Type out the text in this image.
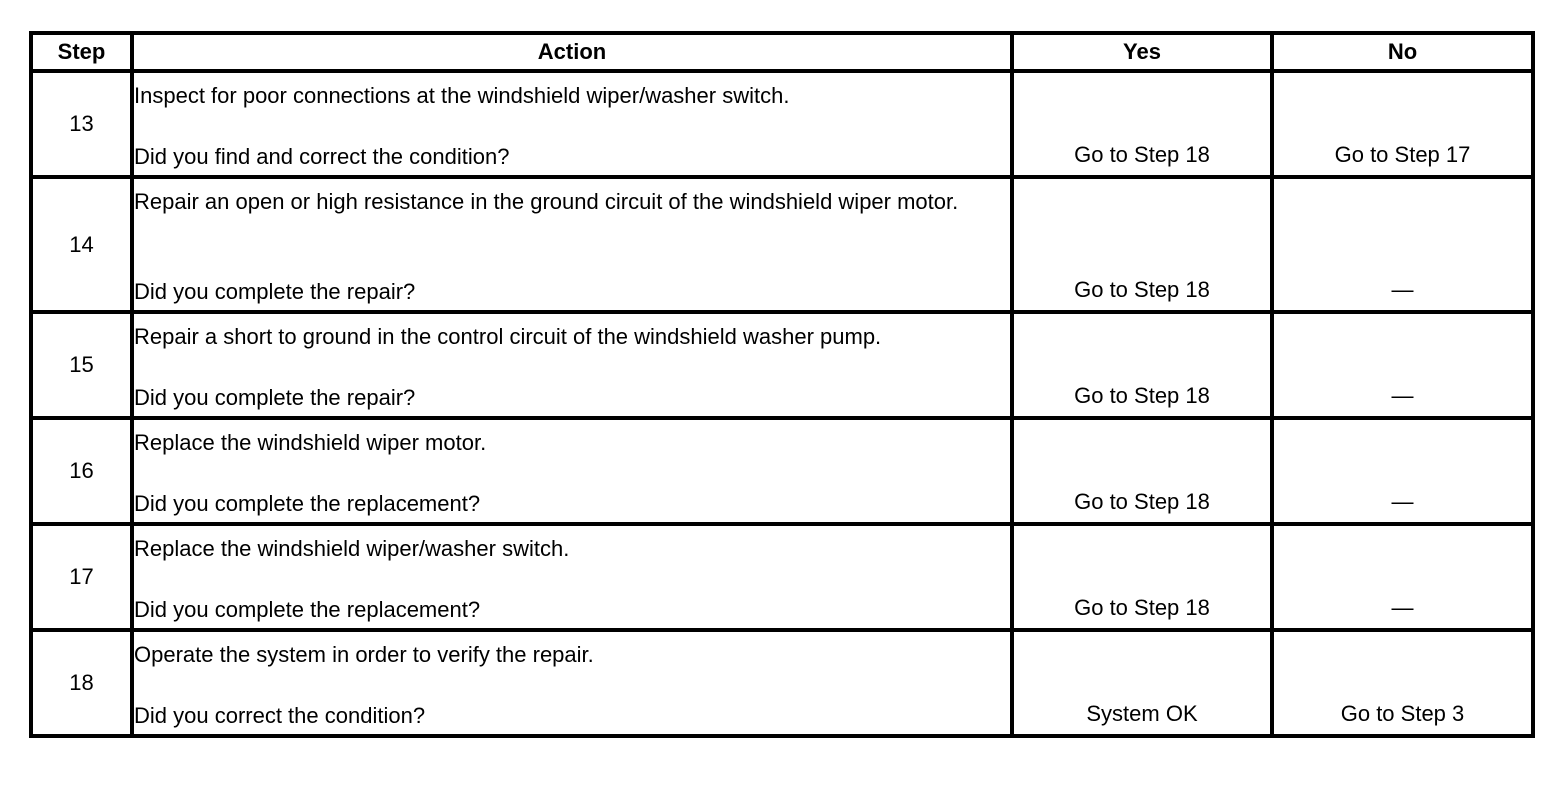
Step	Action	Yes	No
13	Inspect for poor connections at the windshield wiper/washer switch.
Did you find and correct the condition?	Go to Step 18	Go to Step 17

14	Repair an open or high resistance in the ground circuit of the windshield wiper motor.
Did you complete the repair?	Go to Step 18	—

15	Repair a short to ground in the control circuit of the windshield washer pump.
Did you complete the repair?	Go to Step 18	—

16	Replace the windshield wiper motor.
Did you complete the replacement?	Go to Step 18	—

17	Replace the windshield wiper/washer switch.
Did you complete the replacement?	Go to Step 18	—

18	Operate the system in order to verify the repair.
Did you correct the condition?	System OK	Go to Step 3
